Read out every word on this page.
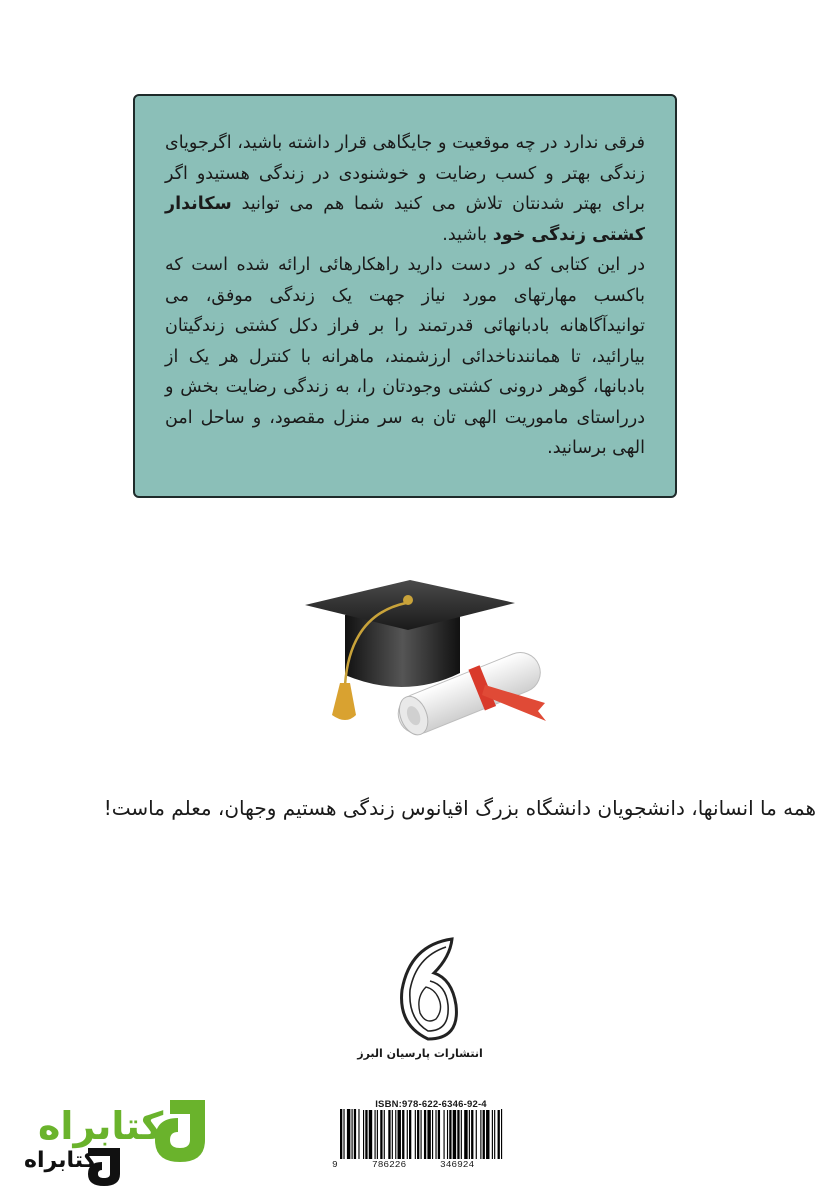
فرقی ندارد در چه موقعیت و جایگاهی قرار داشته باشید، اگرجویای زندگی بهتر و کسب رضایت و خوشنودی در زندگی هستیدو اگر برای بهتر شدنتان تلاش می کنید شما هم می توانید سکاندار کشتی زندگی خود باشید.

در این کتابی که در دست دارید راهکارهائی ارائه شده است که باکسب مهارتهای مورد نیاز جهت یک زندگی موفق، می توانیدآگاهانه بادبانهائی قدرتمند را بر فراز دکل کشتی زندگیتان بیارائید، تا همانندناخدائی ارزشمند، ماهرانه با کنترل هر یک از بادبانها، گوهر درونی کشتی وجودتان را، به زندگی رضایت بخش و درراستای ماموریت الهی تان به سر منزل مقصود، و ساحل امن الهی برسانید.

همه ما انسانها، دانشجویان دانشگاه بزرگ اقیانوس زندگی هستیم وجهان، معلم ماست!
انتشارات پارسیان البرز
ISBN:978-622-6346-92-4
9	786226	346924
کتابراه
کتابراه
